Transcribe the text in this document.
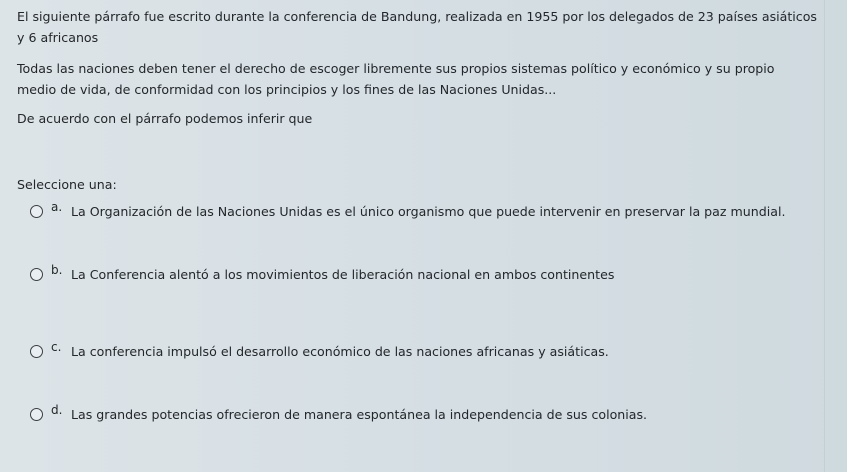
El siguiente párrafo fue escrito durante la conferencia de Bandung, realizada en 1955 por los delegados de 23 países asiáticos y 6 africanos

Todas las naciones deben tener el derecho de escoger libremente sus propios sistemas político y económico y su propio medio de vida, de conformidad con los principios y los fines de las Naciones Unidas...

De acuerdo con el párrafo podemos inferir que

Seleccione una:

a. La Organización de las Naciones Unidas es el único organismo que puede intervenir en preservar la paz mundial.
b. La Conferencia alentó a los movimientos de liberación nacional en ambos continentes
c. La conferencia impulsó el desarrollo económico de las naciones africanas y asiáticas.
d. Las grandes potencias ofrecieron de manera espontánea la independencia de sus colonias.
